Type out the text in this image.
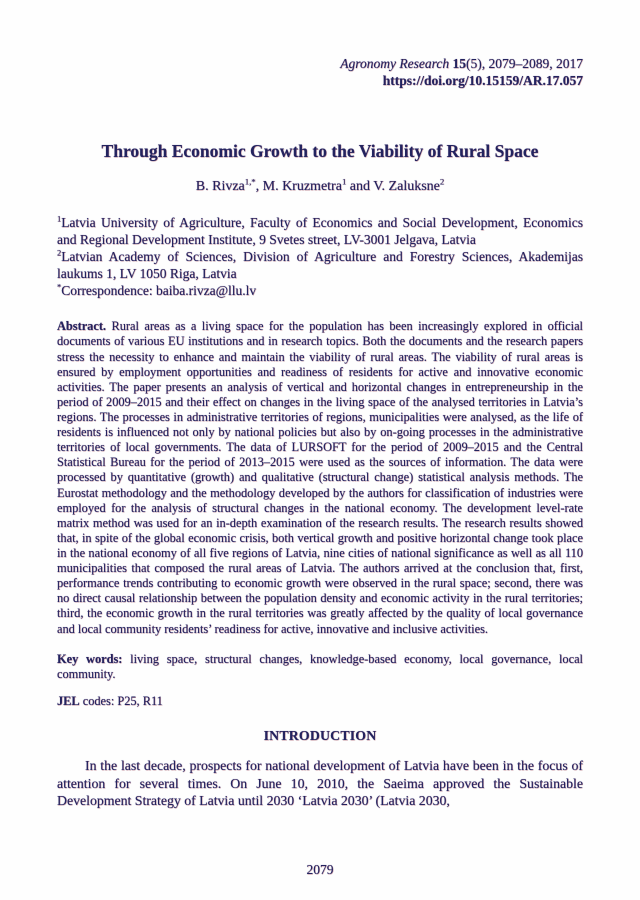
Agronomy Research 15(5), 2079–2089, 2017
https://doi.org/10.15159/AR.17.057
Through Economic Growth to the Viability of Rural Space
B. Rivza$^{1,*}$, M. Kruzmetra$^1$ and V. Zaluksne$^2$

$^1$Latvia University of Agriculture, Faculty of Economics and Social Development, Economics and Regional Development Institute, 9 Svetes street, LV-3001 Jelgava, Latvia

$^2$Latvian Academy of Sciences, Division of Agriculture and Forestry Sciences, Akademijas laukums 1, LV 1050 Riga, Latvia

*Correspondence: baiba.rivza@llu.lv

Abstract. Rural areas as a living space for the population has been increasingly explored in official documents of various EU institutions and in research topics. Both the documents and the research papers stress the necessity to enhance and maintain the viability of rural areas. The viability of rural areas is ensured by employment opportunities and readiness of residents for active and innovative economic activities. The paper presents an analysis of vertical and horizontal changes in entrepreneurship in the period of 2009–2015 and their effect on changes in the living space of the analysed territories in Latvia’s regions. The processes in administrative territories of regions, municipalities were analysed, as the life of residents is influenced not only by national policies but also by on-going processes in the administrative territories of local governments. The data of LURSOFT for the period of 2009–2015 and the Central Statistical Bureau for the period of 2013–2015 were used as the sources of information. The data were processed by quantitative (growth) and qualitative (structural change) statistical analysis methods. The Eurostat methodology and the methodology developed by the authors for classification of industries were employed for the analysis of structural changes in the national economy. The development level-rate matrix method was used for an in-depth examination of the research results. The research results showed that, in spite of the global economic crisis, both vertical growth and positive horizontal change took place in the national economy of all five regions of Latvia, nine cities of national significance as well as all 110 municipalities that composed the rural areas of Latvia. The authors arrived at the conclusion that, first, performance trends contributing to economic growth were observed in the rural space; second, there was no direct causal relationship between the population density and economic activity in the rural territories; third, the economic growth in the rural territories was greatly affected by the quality of local governance and local community residents’ readiness for active, innovative and inclusive activities.

Key words: living space, structural changes, knowledge-based economy, local governance, local community.

JEL codes: P25, R11

INTRODUCTION

In the last decade, prospects for national development of Latvia have been in the focus of attention for several times. On June 10, 2010, the Saeima approved the Sustainable Development Strategy of Latvia until 2030 ‘Latvia 2030’ (Latvia 2030,

2079
